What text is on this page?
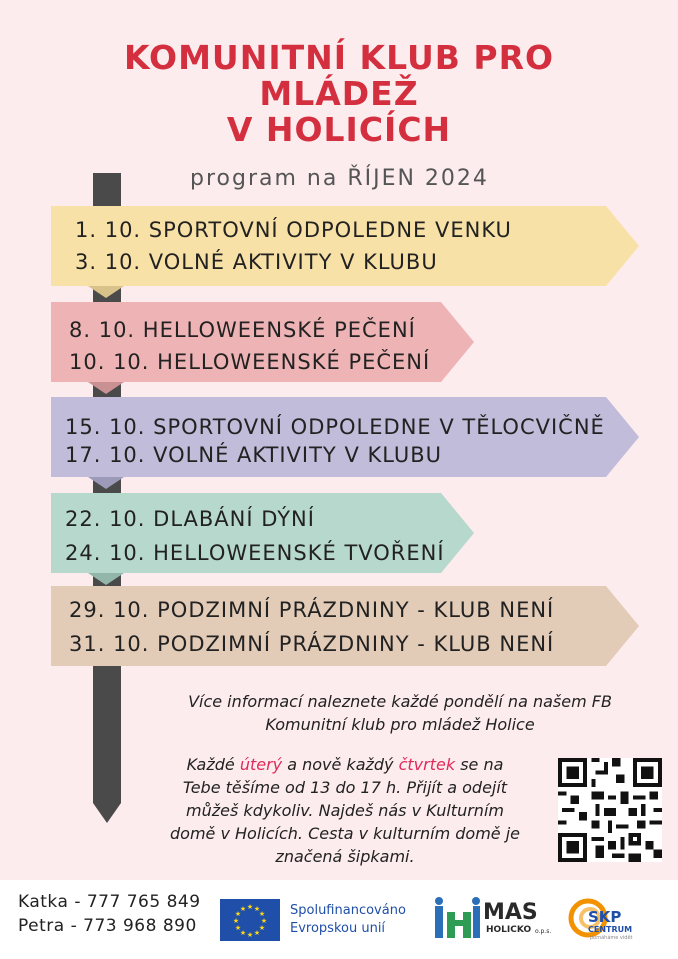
KOMUNITNÍ KLUB PRO
MLÁDEŽ
V HOLICÍCH
program na ŘÍJEN 2024
1. 10. SPORTOVNÍ ODPOLEDNE VENKU
3. 10. VOLNÉ AKTIVITY V KLUBU
8. 10. HELLOWEENSKÉ PEČENÍ
10. 10. HELLOWEENSKÉ PEČENÍ
15. 10. SPORTOVNÍ ODPOLEDNE V TĚLOCVIČNĚ
17. 10. VOLNÉ AKTIVITY V KLUBU
22. 10. DLABÁNÍ DÝNÍ
24. 10. HELLOWEENSKÉ TVOŘENÍ
29. 10. PODZIMNÍ PRÁZDNINY - KLUB NENÍ
31. 10. PODZIMNÍ PRÁZDNINY - KLUB NENÍ
Více informací naleznete každé pondělí na našem FB
Komunitní klub pro mládež Holice
Každé úterý a nově každý čtvrtek se na
Tebe těšíme od 13 do 17 h. Přijít a odejít
můžeš kdykoliv. Najdeš nás v Kulturním
domě v Holicích. Cesta v kulturním domě je
značená šipkami.
Katka - 777 765 849
Petra - 773 968 890
★ ★
★
★
★
★
★
★
★
★
★
★	Spolufinancováno
Evropskou unií
MAS
HOLICKO o.p.s.
SKP
CENTRUM
pomáháme vidět
